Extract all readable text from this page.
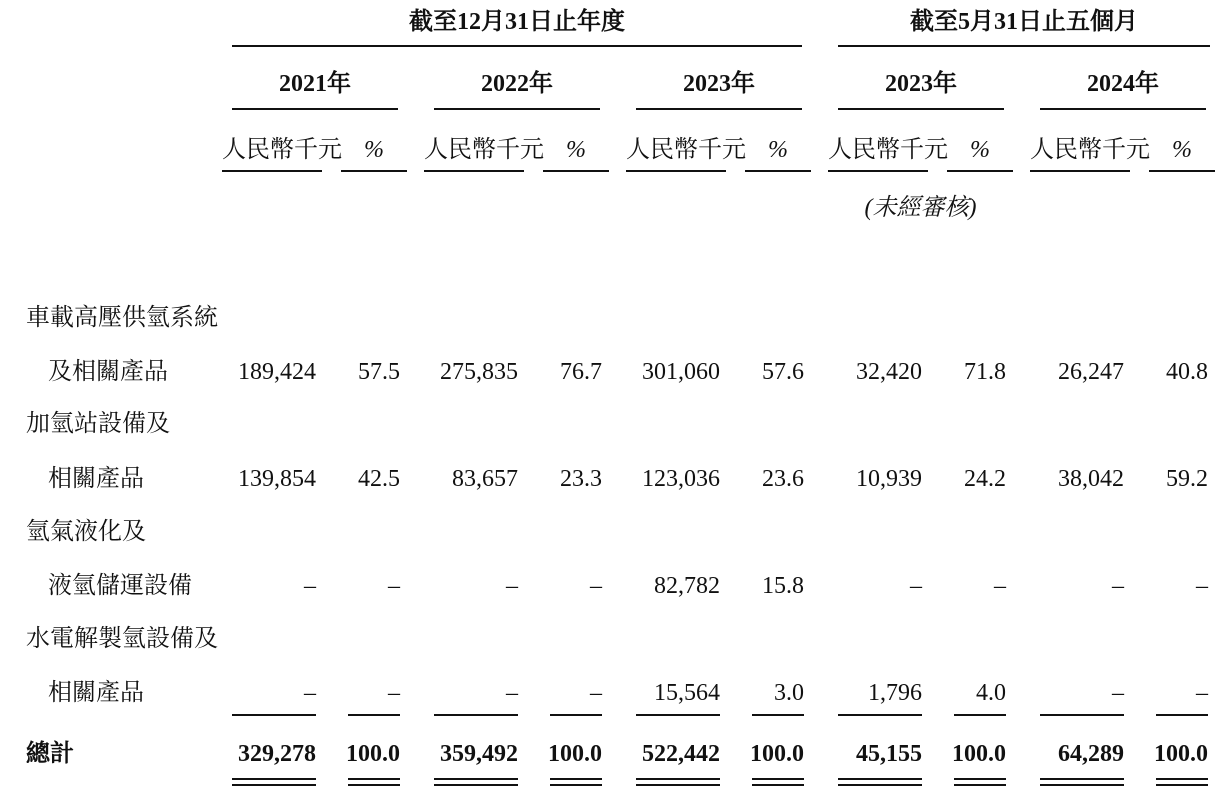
截至12月31日止年度	截至5月31日止五個月
2021年	2022年	2023年	2023年	2024年
人民幣千元 %	人民幣千元 %	人民幣千元 %	人民幣千元 %	人民幣千元 %
(未經審核)
車載高壓供氫系統
及相關產品	189,424	57.5	275,835	76.7	301,060	57.6	32,420	71.8	26,247	40.8
加氫站設備及
相關產品	139,854	42.5	83,657	23.3	123,036	23.6	10,939	24.2	38,042	59.2
氫氣液化及
液氫儲運設備	–	–	–	–	82,782	15.8	–	–	–	–
水電解製氫設備及
相關產品	–	–	–	–	15,564	3.0	1,796	4.0	–	–
總計	329,278	100.0	359,492	100.0	522,442	100.0	45,155	100.0	64,289	100.0
